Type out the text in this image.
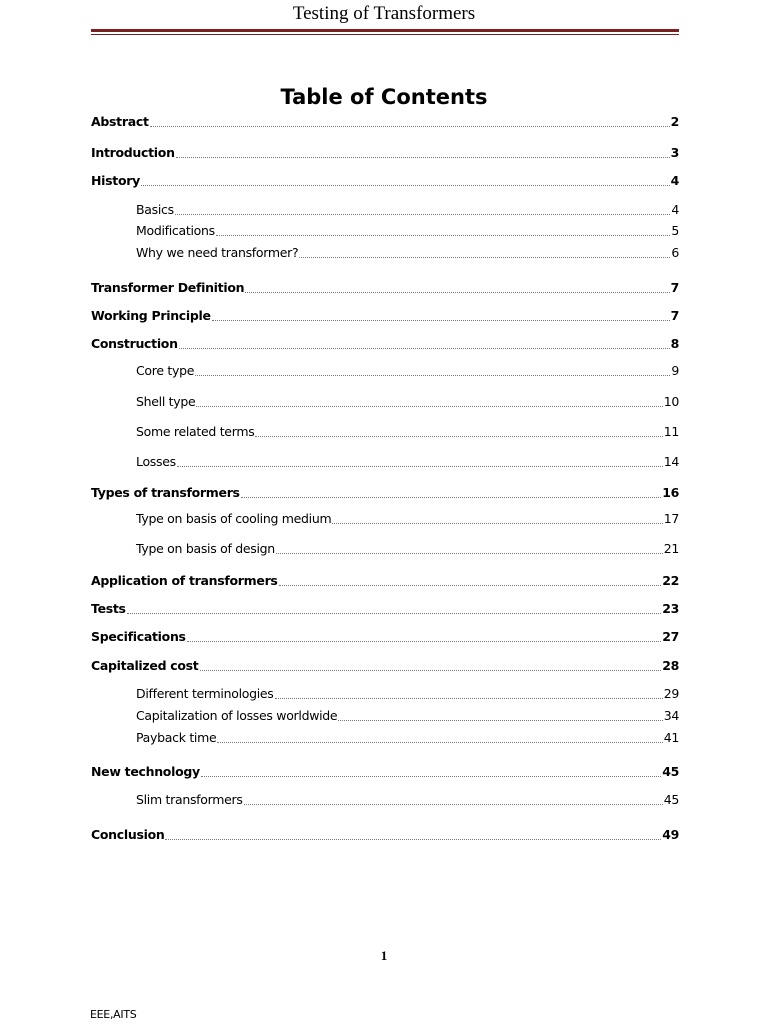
Testing of Transformers
Table of Contents
Abstract	2
Introduction	3
History	4
Basics	4
Modifications	5
Why we need transformer?	6
Transformer Definition	7
Working Principle	7
Construction	8
Core type	9
Shell type	10
Some related terms	11
Losses	14
Types of transformers	16
Type on basis of cooling medium	17
Type on basis of design	21
Application of transformers	22
Tests	23
Specifications	27
Capitalized cost	28
Different terminologies	29
Capitalization of losses worldwide	34
Payback time	41
New technology	45
Slim transformers	45
Conclusion	49
1
EEE,AITS
